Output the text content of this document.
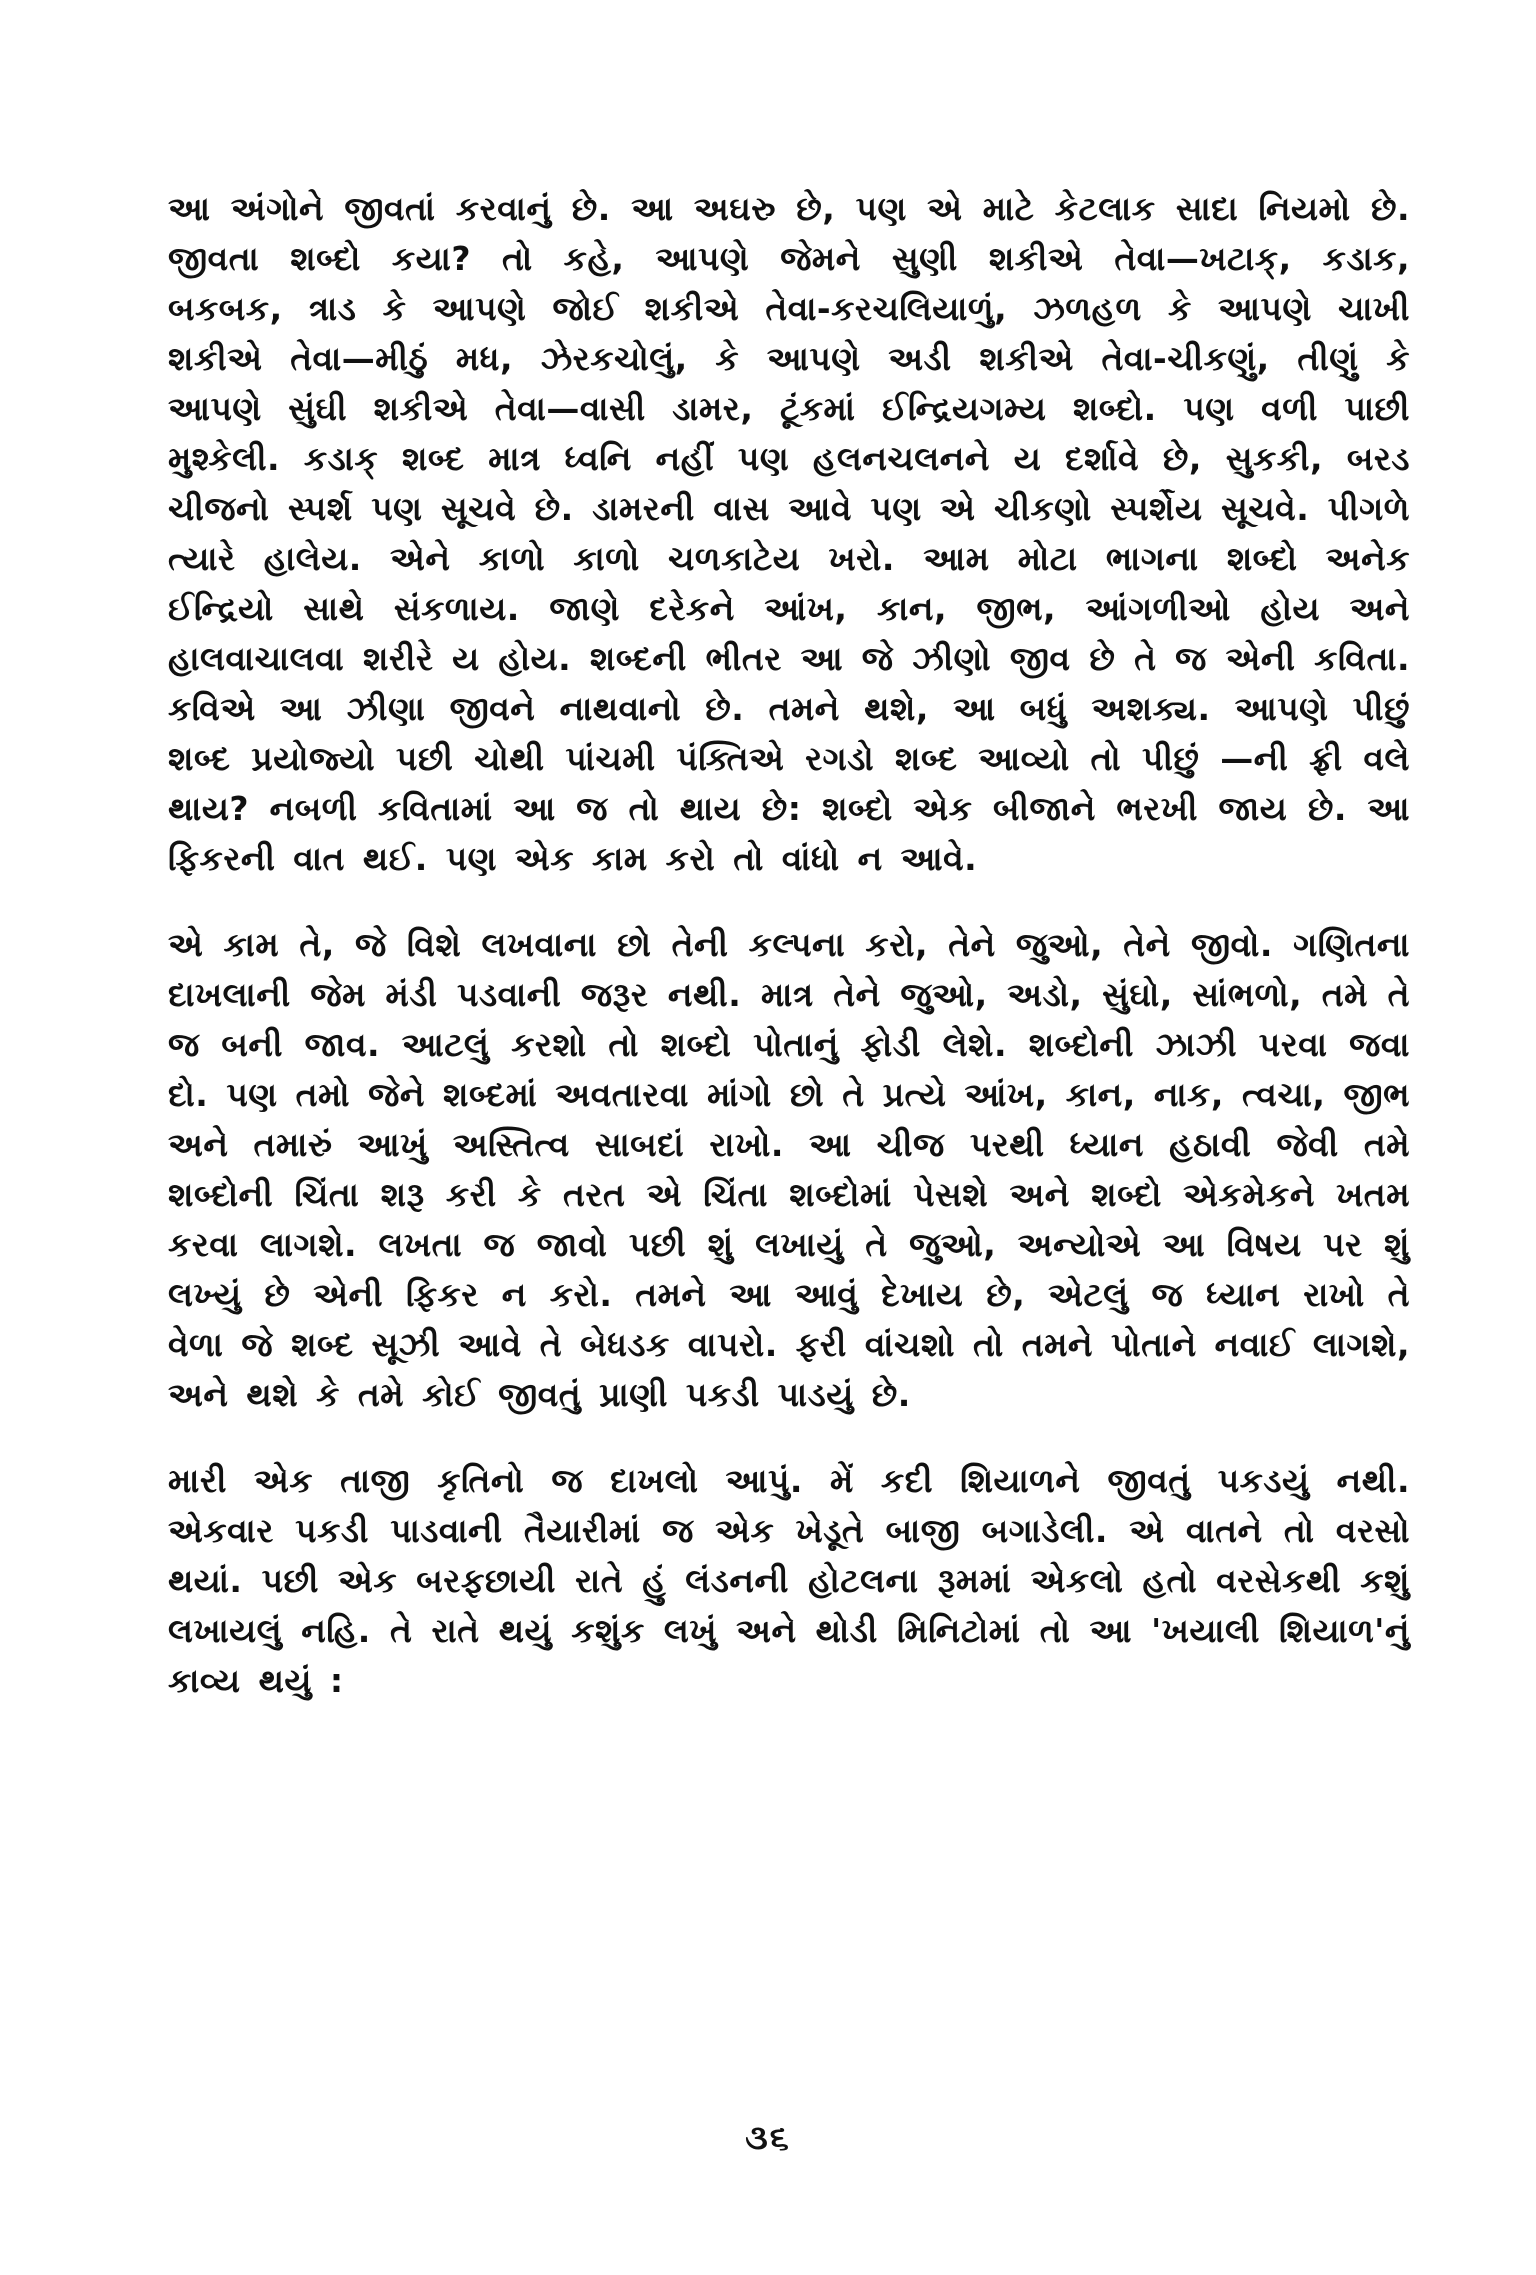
આ અંગોને જીવતાં કરવાનું છે. આ અઘરુ છે, પણ એ માટે કેટલાક સાદા નિયમો છે. જીવતા શબ્દો કયા? તો કહે, આપણે જેમને સુણી શકીએ તેવા—ખટાક્, કડાક, બકબક, ત્રાડ કે આપણે જોઈ શકીએ તેવા-કરચલિયાળું, ઝળહળ કે આપણે ચાખી શકીએ તેવા—મીઠું મધ, ઝેરકચોલું, કે આપણે અડી શકીએ તેવા-ચીકણું, તીણું કે આપણે સુંઘી શકીએ તેવા—વાસી ડામર, ટૂંકમાં ઈન્દ્રિયગમ્ય શબ્દો. પણ વળી પાછી મુશ્કેલી. કડાક્ શબ્દ માત્ર ધ્વનિ નહીં પણ હલનચલનને ય દર્શાવે છે, સુકકી, બરડ ચીજનો સ્પર્શ પણ સૂચવે છે. ડામરની વાસ આવે પણ એ ચીકણો સ્પર્શેય સૂચવે. પીગળે ત્યારે હાલેય. એને કાળો કાળો ચળકાટેય ખરો. આમ મોટા ભાગના શબ્દો અનેક ઈન્દ્રિયો સાથે સંકળાય. જાણે દરેકને આંખ, કાન, જીભ, આંગળીઓ હોય અને હાલવાચાલવા શરીરે ય હોય. શબ્દની ભીતર આ જે ઝીણો જીવ છે તે જ એની કવિતા. કવિએ આ ઝીણા જીવને નાથવાનો છે. તમને થશે, આ બધું અશક્ય. આપણે પીછું શબ્દ પ્રયોજ્યો પછી ચોથી પાંચમી પંક્તિએ રગડો શબ્દ આવ્યો તો પીછું —ની ફ્રી વલે થાય? નબળી કવિતામાં આ જ તો થાય છે: શબ્દો એક બીજાને ભરખી જાય છે. આ ફિકરની વાત થઈ. પણ એક કામ કરો તો વાંધો ન આવે.

એ કામ તે, જે વિશે લખવાના છો તેની કલ્પના કરો, તેને જુઓ, તેને જીવો. ગણિતના દાખલાની જેમ મંડી પડવાની જરૂર નથી. માત્ર તેને જુઓ, અડો, સુંઘો, સાંભળો, તમે તે જ બની જાવ. આટલું કરશો તો શબ્દો પોતાનું ફોડી લેશે. શબ્દોની ઝાઝી પરવા જવા દો. પણ તમો જેને શબ્દમાં અવતારવા માંગો છો તે પ્રત્યે આંખ, કાન, નાક, ત્વચા, જીભ અને તમારું આખું અસ્તિત્વ સાબદાં રાખો. આ ચીજ પરથી ધ્યાન હઠાવી જેવી તમે શબ્દોની ચિંતા શરૂ કરી કે તરત એ ચિંતા શબ્દોમાં પેસશે અને શબ્દો એકમેકને ખતમ કરવા લાગશે. લખતા જ જાવો પછી શું લખાયું તે જુઓ, અન્યોએ આ વિષય પર શું લખ્યું છે એની ફિકર ન કરો. તમને આ આવું દેખાય છે, એટલું જ ધ્યાન રાખો તે વેળા જે શબ્દ સૂઝી આવે તે બેધડક વાપરો. ફરી વાંચશો તો તમને પોતાને નવાઈ લાગશે, અને થશે કે તમે કોઈ જીવતું પ્રાણી પકડી પાડયું છે.

મારી એક તાજી કૃતિનો જ દાખલો આપું. મેં કદી શિયાળને જીવતું પકડયું નથી. એકવાર પકડી પાડવાની તૈયારીમાં જ એક ખેડૂતે બાજી બગાડેલી. એ વાતને તો વરસો થયાં. પછી એક બરફછાયી રાતે હું લંડનની હોટલના રૂમમાં એકલો હતો વરસેકથી કશું લખાયલું નહિ. તે રાતે થયું કશુંક લખું અને થોડી મિનિટોમાં તો આ 'ખયાલી શિયાળ'નું કાવ્ય થયું :

૩૬
